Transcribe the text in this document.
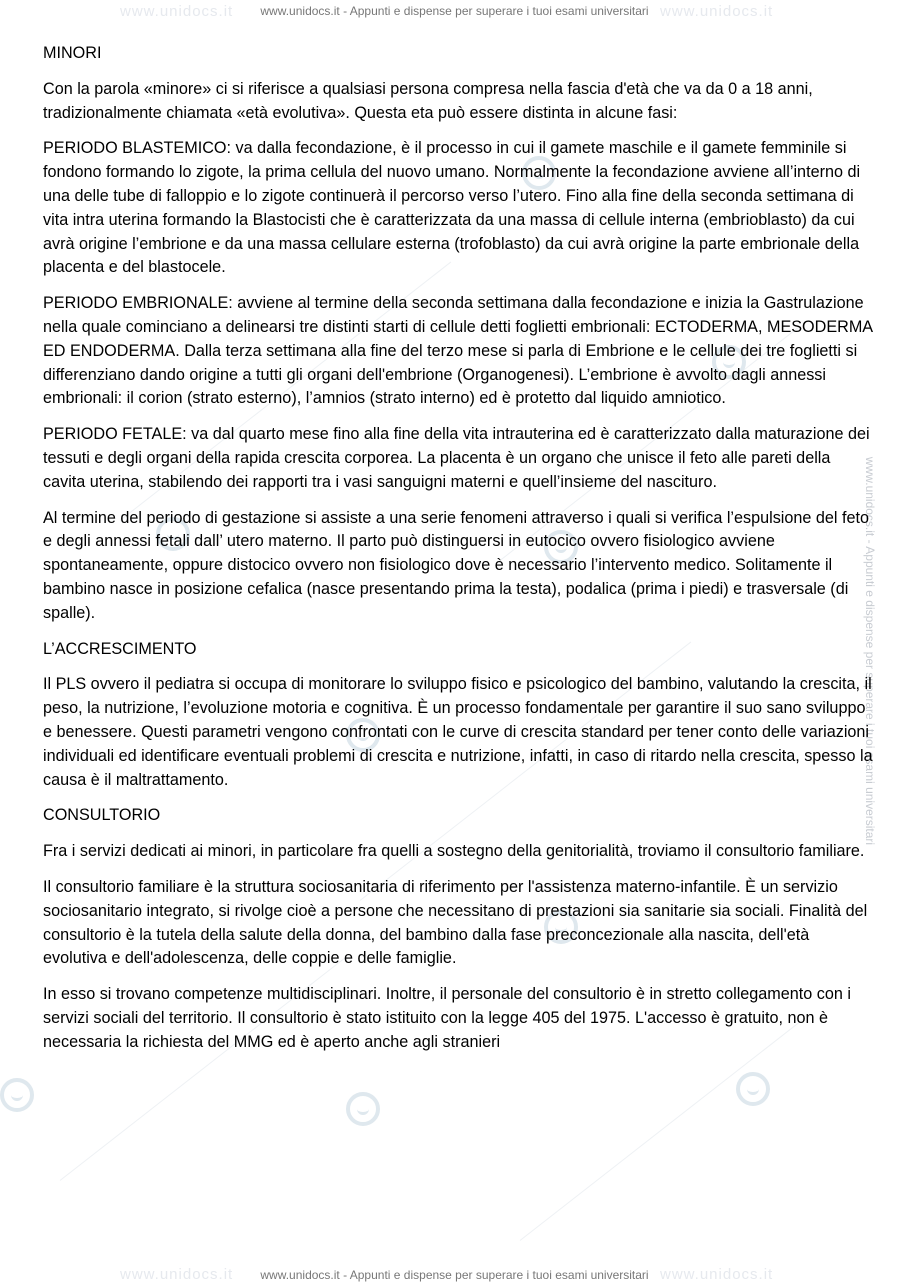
www.unidocs.it	www.unidocs.it
www.unidocs.it	www.unidocs.it
www.unidocs.it - Appunti e dispense per superare i tuoi esami universitari
www.unidocs.it - Appunti e dispense per superare i tuoi esami universitari
www.unidocs.it - Appunti e dispense per superare i tuoi esami universitari
MINORI

Con la parola «minore» ci si riferisce a qualsiasi persona compresa nella fascia d'età che va da 0 a 18 anni, tradizionalmente chiamata «età evolutiva». Questa eta può essere distinta in alcune fasi:

PERIODO BLASTEMICO: va dalla fecondazione, è il processo in cui il gamete maschile e il gamete femminile si fondono formando lo zigote, la prima cellula del nuovo umano. Normalmente la fecondazione avviene all’interno di una delle tube di falloppio e lo zigote continuerà il percorso verso l’utero. Fino alla fine della seconda settimana di vita intra uterina formando la Blastocisti che è caratterizzata da una massa di cellule interna (embrioblasto) da cui avrà origine l’embrione e da una massa cellulare esterna (trofoblasto) da cui avrà origine la parte embrionale della placenta e del blastocele.

PERIODO EMBRIONALE: avviene al termine della seconda settimana dalla fecondazione e inizia la Gastrulazione nella quale cominciano a delinearsi tre distinti starti di cellule detti foglietti embrionali: ECTODERMA, MESODERMA ED ENDODERMA. Dalla terza settimana alla fine del terzo mese si parla di Embrione e le cellule dei tre foglietti si differenziano dando origine a tutti gli organi dell'embrione (Organogenesi). L’embrione è avvolto dagli annessi embrionali: il corion (strato esterno), l’amnios (strato interno) ed è protetto dal liquido amniotico.

PERIODO FETALE: va dal quarto mese fino alla fine della vita intrauterina ed è caratterizzato dalla maturazione dei tessuti e degli organi della rapida crescita corporea. La placenta è un organo che unisce il feto alle pareti della cavita uterina, stabilendo dei rapporti tra i vasi sanguigni materni e quell’insieme del nascituro.

Al termine del periodo di gestazione si assiste a una serie fenomeni attraverso i quali si verifica l’espulsione del feto e degli annessi fetali dall’ utero materno. Il parto può distinguersi in eutocico ovvero fisiologico avviene spontaneamente, oppure distocico ovvero non fisiologico dove è necessario l’intervento medico. Solitamente il bambino nasce in posizione cefalica (nasce presentando prima la testa), podalica (prima i piedi) e trasversale (di spalle).

L’ACCRESCIMENTO

Il PLS ovvero il pediatra si occupa di monitorare lo sviluppo fisico e psicologico del bambino, valutando la crescita, il peso, la nutrizione, l’evoluzione motoria e cognitiva. È un processo fondamentale per garantire il suo sano sviluppo e benessere. Questi parametri vengono confrontati con le curve di crescita standard per tener conto delle variazioni individuali ed identificare eventuali problemi di crescita e nutrizione, infatti, in caso di ritardo nella crescita, spesso la causa è il maltrattamento.

CONSULTORIO

Fra i servizi dedicati ai minori, in particolare fra quelli a sostegno della genitorialità, troviamo il consultorio familiare.

Il consultorio familiare è la struttura sociosanitaria di riferimento per l'assistenza materno-infantile. È un servizio sociosanitario integrato, si rivolge cioè a persone che necessitano di prestazioni sia sanitarie sia sociali. Finalità del consultorio è la tutela della salute della donna, del bambino dalla fase preconcezionale alla nascita, dell'età evolutiva e dell'adolescenza, delle coppie e delle famiglie.

In esso si trovano competenze multidisciplinari. Inoltre, il personale del consultorio è in stretto collegamento con i servizi sociali del territorio. Il consultorio è stato istituito con la legge 405 del 1975. L'accesso è gratuito, non è necessaria la richiesta del MMG ed è aperto anche agli stranieri
